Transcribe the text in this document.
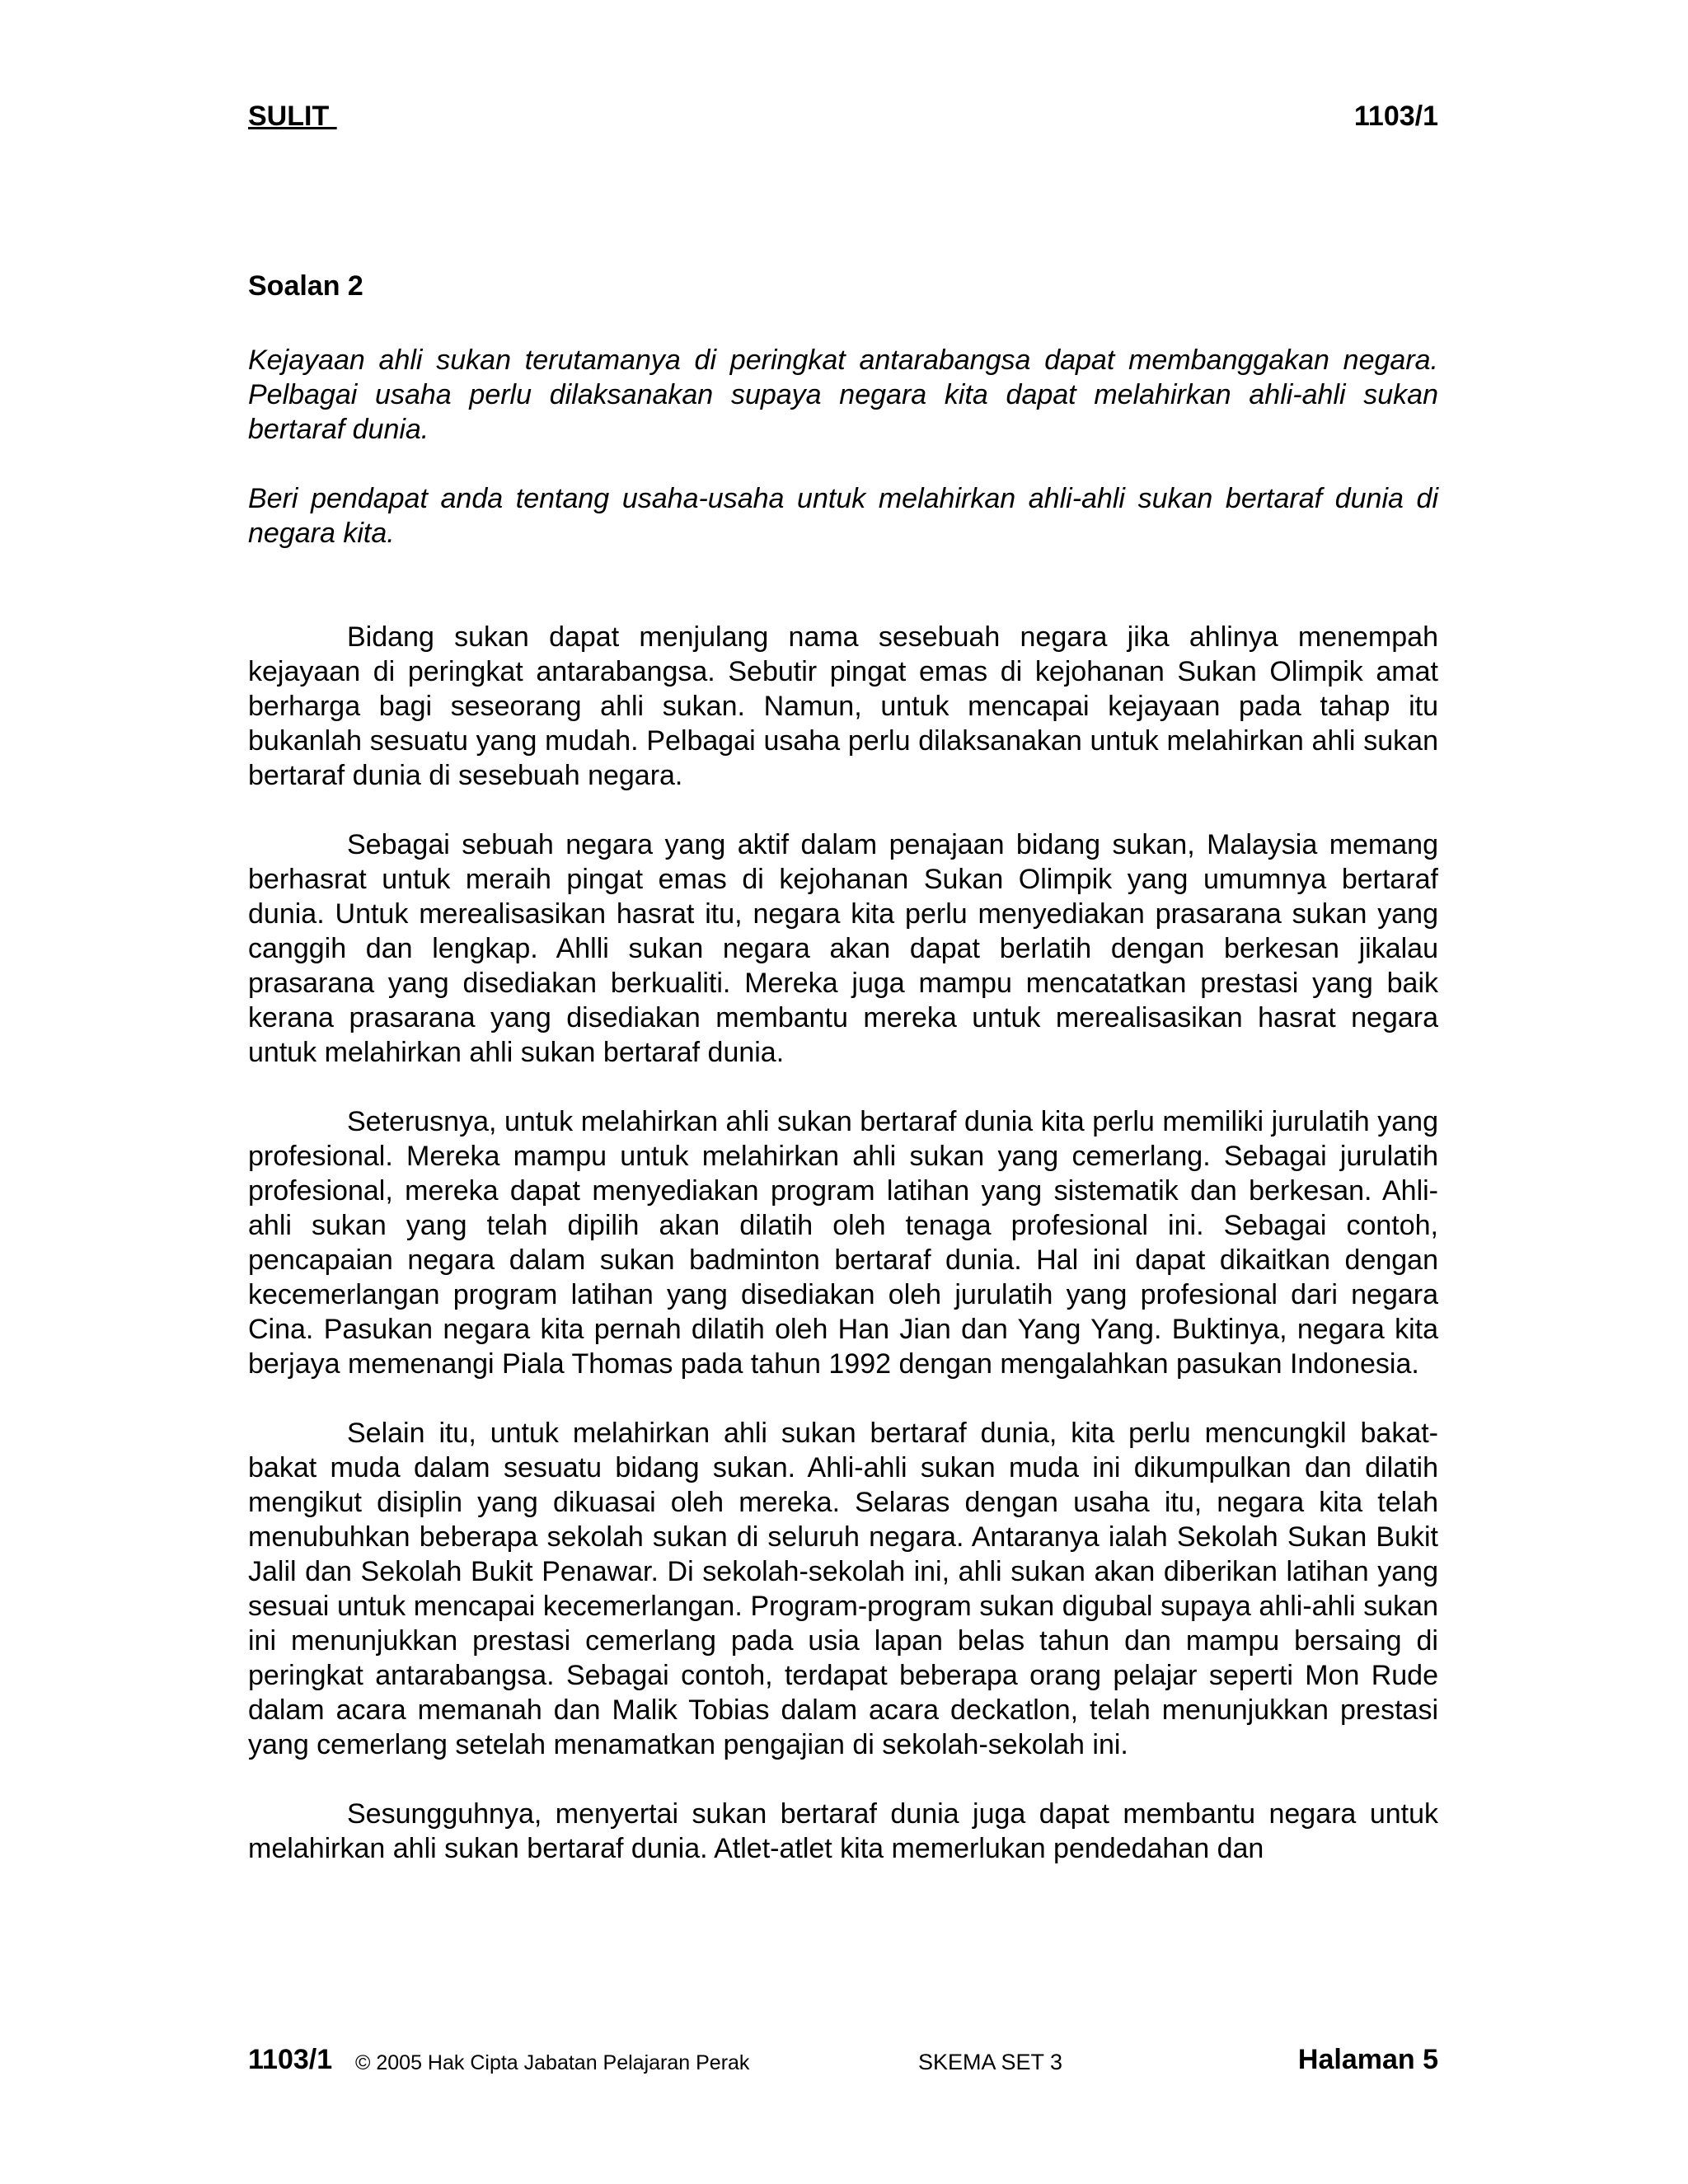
SULIT	1103/1
Soalan 2

Kejayaan ahli sukan terutamanya di peringkat antarabangsa dapat membanggakan negara. Pelbagai usaha perlu dilaksanakan supaya negara kita dapat melahirkan ahli-ahli sukan bertaraf dunia.

Beri pendapat anda tentang usaha-usaha untuk melahirkan ahli-ahli sukan bertaraf dunia di negara kita.

Bidang sukan dapat menjulang nama sesebuah negara jika ahlinya menempah kejayaan di peringkat antarabangsa. Sebutir pingat emas di kejohanan Sukan Olimpik amat berharga bagi seseorang ahli sukan. Namun, untuk mencapai kejayaan pada tahap itu bukanlah sesuatu yang mudah. Pelbagai usaha perlu dilaksanakan untuk melahirkan ahli sukan bertaraf dunia di sesebuah negara.

Sebagai sebuah negara yang aktif dalam penajaan bidang sukan, Malaysia memang berhasrat untuk meraih pingat emas di kejohanan Sukan Olimpik yang umumnya bertaraf dunia. Untuk merealisasikan hasrat itu, negara kita perlu menyediakan prasarana sukan yang canggih dan lengkap. Ahlli sukan negara akan dapat berlatih dengan berkesan jikalau prasarana yang disediakan berkualiti. Mereka juga mampu mencatatkan prestasi yang baik kerana prasarana yang disediakan membantu mereka untuk merealisasikan hasrat negara untuk melahirkan ahli sukan bertaraf dunia.

Seterusnya, untuk melahirkan ahli sukan bertaraf dunia kita perlu memiliki jurulatih yang profesional. Mereka mampu untuk melahirkan ahli sukan yang cemerlang. Sebagai jurulatih profesional, mereka dapat menyediakan program latihan yang sistematik dan berkesan. Ahli-ahli sukan yang telah dipilih akan dilatih oleh tenaga profesional ini. Sebagai contoh, pencapaian negara dalam sukan badminton bertaraf dunia. Hal ini dapat dikaitkan dengan kecemerlangan program latihan yang disediakan oleh jurulatih yang profesional dari negara Cina. Pasukan negara kita pernah dilatih oleh Han Jian dan Yang Yang. Buktinya, negara kita berjaya memenangi Piala Thomas pada tahun 1992 dengan mengalahkan pasukan Indonesia.

Selain itu, untuk melahirkan ahli sukan bertaraf dunia, kita perlu mencungkil bakat-bakat muda dalam sesuatu bidang sukan. Ahli-ahli sukan muda ini dikumpulkan dan dilatih mengikut disiplin yang dikuasai oleh mereka. Selaras dengan usaha itu, negara kita telah menubuhkan beberapa sekolah sukan di seluruh negara. Antaranya ialah Sekolah Sukan Bukit Jalil dan Sekolah Bukit Penawar. Di sekolah-sekolah ini, ahli sukan akan diberikan latihan yang sesuai untuk mencapai kecemerlangan. Program-program sukan digubal supaya ahli-ahli sukan ini menunjukkan prestasi cemerlang pada usia lapan belas tahun dan mampu bersaing di peringkat antarabangsa. Sebagai contoh, terdapat beberapa orang pelajar seperti Mon Rude dalam acara memanah dan Malik Tobias dalam acara deckatlon, telah menunjukkan prestasi yang cemerlang setelah menamatkan pengajian di sekolah-sekolah ini.

Sesungguhnya, menyertai sukan bertaraf dunia juga dapat membantu negara untuk melahirkan ahli sukan bertaraf dunia. Atlet-atlet kita memerlukan pendedahan dan

1103/1 © 2005 Hak Cipta Jabatan Pelajaran Perak	SKEMA SET 3	Halaman 5
